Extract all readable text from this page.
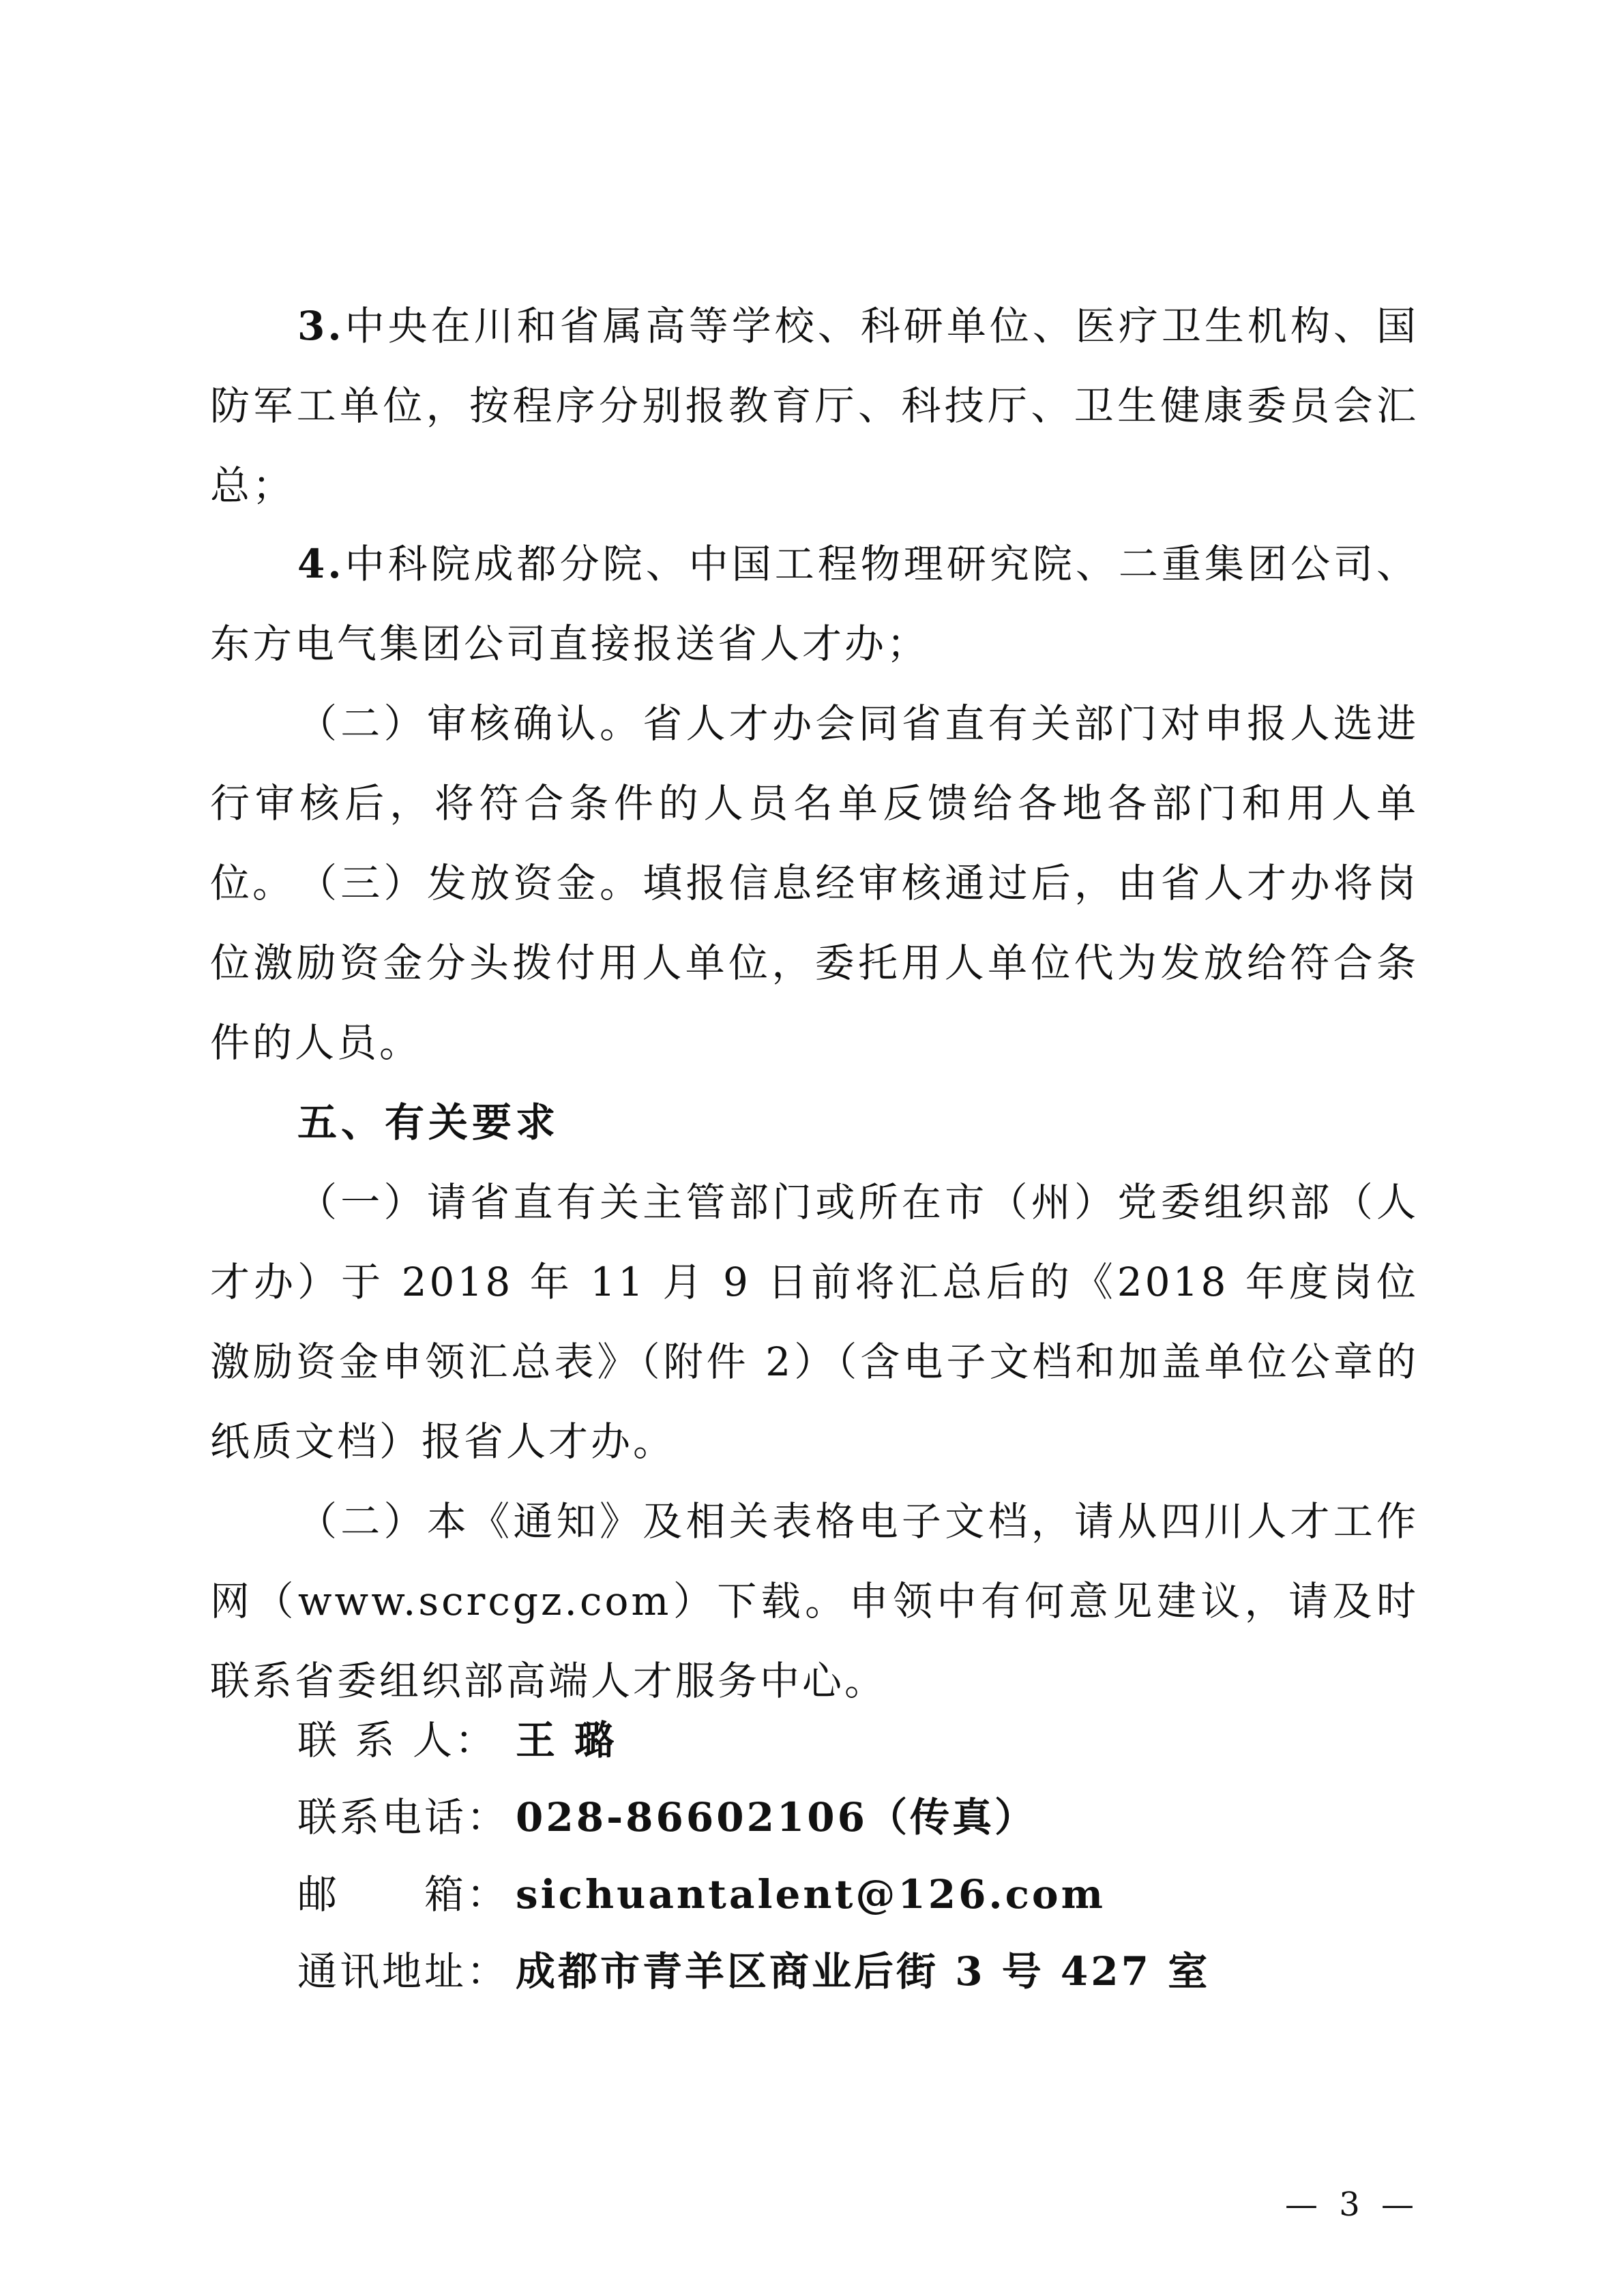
3.中央在川和省属高等学校、科研单位、医疗卫生机构、国防军工单位，按程序分别报教育厅、科技厅、卫生健康委员会汇总；

4.中科院成都分院、中国工程物理研究院、二重集团公司、东方电气集团公司直接报送省人才办；

（二）审核确认。省人才办会同省直有关部门对申报人选进行审核后，将符合条件的人员名单反馈给各地各部门和用人单位。 （三）发放资金。填报信息经审核通过后，由省人才办将岗位激励资金分头拨付用人单位，委托用人单位代为发放给符合条件的人员。

五、有关要求

（一）请省直有关主管部门或所在市（州）党委组织部（人才办）于 2018 年 11 月 9 日前将汇总后的《2018 年度岗位激励资金申领汇总表》（附件 2）（含电子文档和加盖单位公章的纸质文档）报省人才办。

（二）本《通知》及相关表格电子文档，请从四川人才工作网（www.scrcgz.com）下载。申领中有何意见建议，请及时联系省委组织部高端人才服务中心。

联 系 人： 王 璐
联系电话： 028-86602106（传真）
邮　　箱： sichuantalent@126.com
通讯地址： 成都市青羊区商业后街 3 号 427 室
— 3 —
